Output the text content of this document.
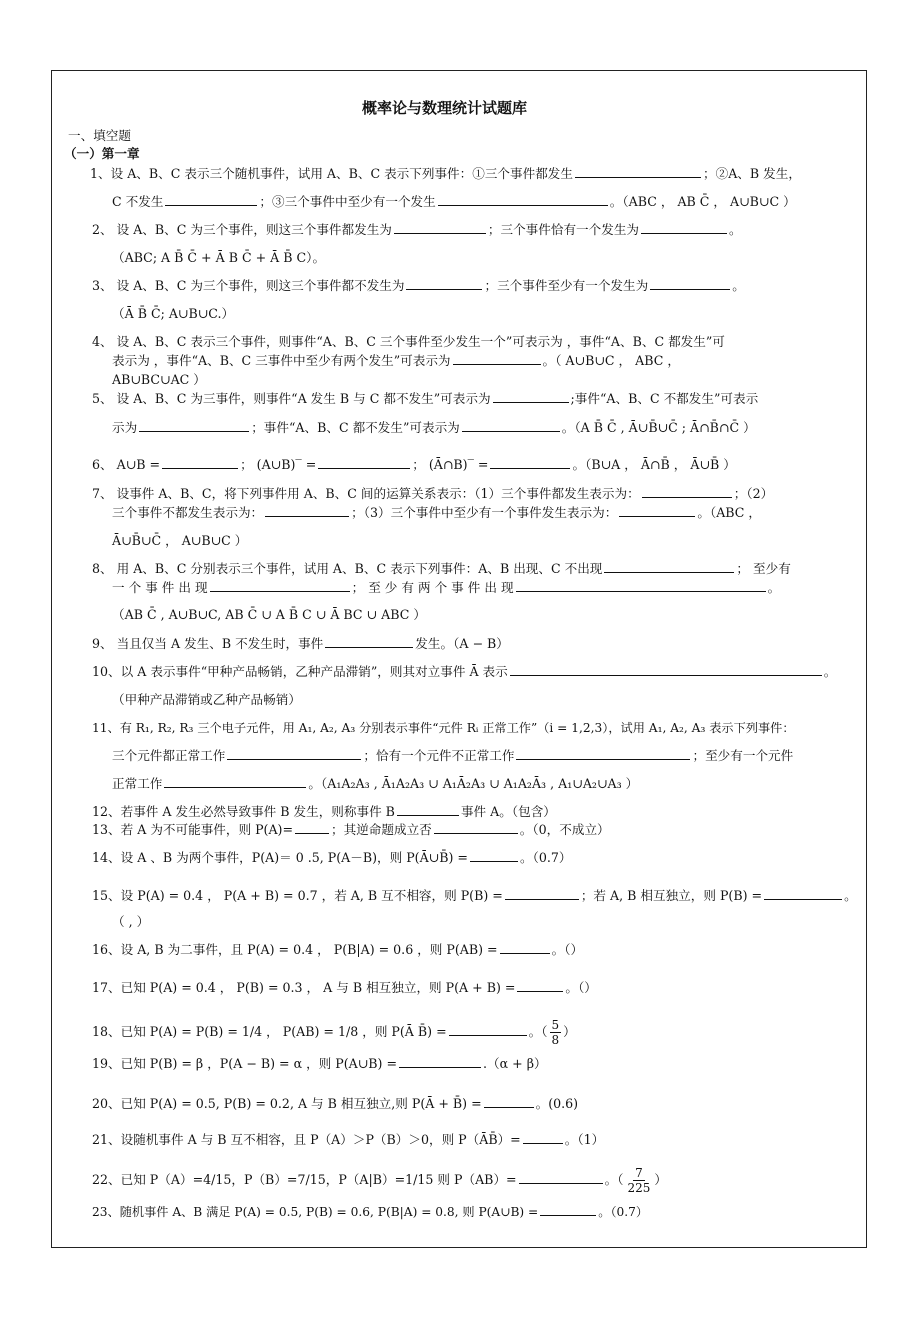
概率论与数理统计试题库
一、填空题
（一）第一章
1、设 A、B、C 表示三个随机事件，试用 A、B、C 表示下列事件：①三个事件都发生	；②A、B 发生，
C 不发生	；③三个事件中至少有一个发生	。（ABC ， AB C̄ ， A∪B∪C ）
2、 设 A、B、C 为三个事件，则这三个事件都发生为	；三个事件恰有一个发生为	。
（ABC; A B̄ C̄ + Ā B C̄ + Ā B̄ C）。
3、 设 A、B、C 为三个事件，则这三个事件都不发生为	；三个事件至少有一个发生为	。
（Ā B̄ C̄; A∪B∪C.）
4、 设 A、B、C 表示三个事件，则事件“A、B、C 三个事件至少发生一个”可表示为 ，事件“A、B、C 都发生”可
表示为 ，事件“A、B、C 三事件中至少有两个发生”可表示为	。（ A∪B∪C ， ABC ，
AB∪BC∪AC ）
5、 设 A、B、C 为三事件，则事件“A 发生 B 与 C 都不发生”可表示为	;事件“A、B、C 不都发生”可表示
示为	；事件“A、B、C 都不发生”可表示为	。（A B̄ C̄ , Ā∪B̄∪C̄ ; Ā∩B̄∩C̄ ）
6、 A∪B =	； (A∪B)‾ =	； (Ā∩B)‾ =	。（B∪A ， Ā∩B̄ ， Ā∪B̄ ）
7、 设事件 A、B、C，将下列事件用 A、B、C 间的运算关系表示：（1）三个事件都发生表示为：	；（2）
三个事件不都发生表示为：	；（3）三个事件中至少有一个事件发生表示为：	。（ABC ，
Ā∪B̄∪C̄ ， A∪B∪C ）
8、 用 A、B、C 分别表示三个事件，试用 A、B、C 表示下列事件：A、B 出现、C 不出现	； 至少有
一 个 事 件 出 现	； 至 少 有 两 个 事 件 出 现	。
（AB C̄ , A∪B∪C, AB C̄ ∪ A B̄ C ∪ Ā BC ∪ ABC ）
9、 当且仅当 A 发生、B 不发生时，事件	发生。（A − B）
10、以 A 表示事件“甲种产品畅销，乙种产品滞销”，则其对立事件 Ā 表示	。
（甲种产品滞销或乙种产品畅销）
11、有 R₁, R₂, R₃ 三个电子元件，用 A₁, A₂, A₃ 分别表示事件“元件 Rᵢ 正常工作”（i = 1,2,3），试用 A₁, A₂, A₃ 表示下列事件：
三个元件都正常工作	；恰有一个元件不正常工作	；至少有一个元件
正常工作	。（A₁A₂A₃ , Ā₁A₂A₃ ∪ A₁Ā₂A₃ ∪ A₁A₂Ā₃ , A₁∪A₂∪A₃ ）
12、若事件 A 发生必然导致事件 B 发生，则称事件 B	事件 A。（包含）
13、若 A 为不可能事件，则 P(A)=	；其逆命题成立否	。（0，不成立）
14、设 A 、B 为两个事件，P(A)＝ 0 .5, P(A－B)，则 P(Ā∪B̄) =	。（0.7）
15、设 P(A) = 0.4 ， P(A + B) = 0.7 ，若 A, B 互不相容，则 P(B) =	；若 A, B 相互独立，则 P(B) =	。
（ , ）
16、设 A, B 为二事件，且 P(A) = 0.4 ， P(B|A) = 0.6 ，则 P(AB) =	。（）
17、已知 P(A) = 0.4 ， P(B) = 0.3 ， A 与 B 相互独立，则 P(A + B) =	。（）
18、已知 P(A) = P(B) = 1/4 ， P(AB) = 1/8 ，则 P(Ā B̄) =	。（ $\frac{5}{8}$ ）
19、已知 P(B) = β ，P(A − B) = α ，则 P(A∪B) =	.（α + β）
20、已知 P(A) = 0.5, P(B) = 0.2, A 与 B 相互独立,则 P(Ā + B̄) =	。(0.6)
21、设随机事件 A 与 B 互不相容，且 P（A）＞P（B）＞0，则 P（ĀB̄）=	。（1）
22、已知 P（A）=4/15，P（B）=7/15，P（A|B）=1/15 则 P（AB）=	。（ $\frac{7}{225}$ ）
23、随机事件 A、B 满足 P(A) = 0.5, P(B) = 0.6, P(B|A) = 0.8, 则 P(A∪B) =	。（0.7）
